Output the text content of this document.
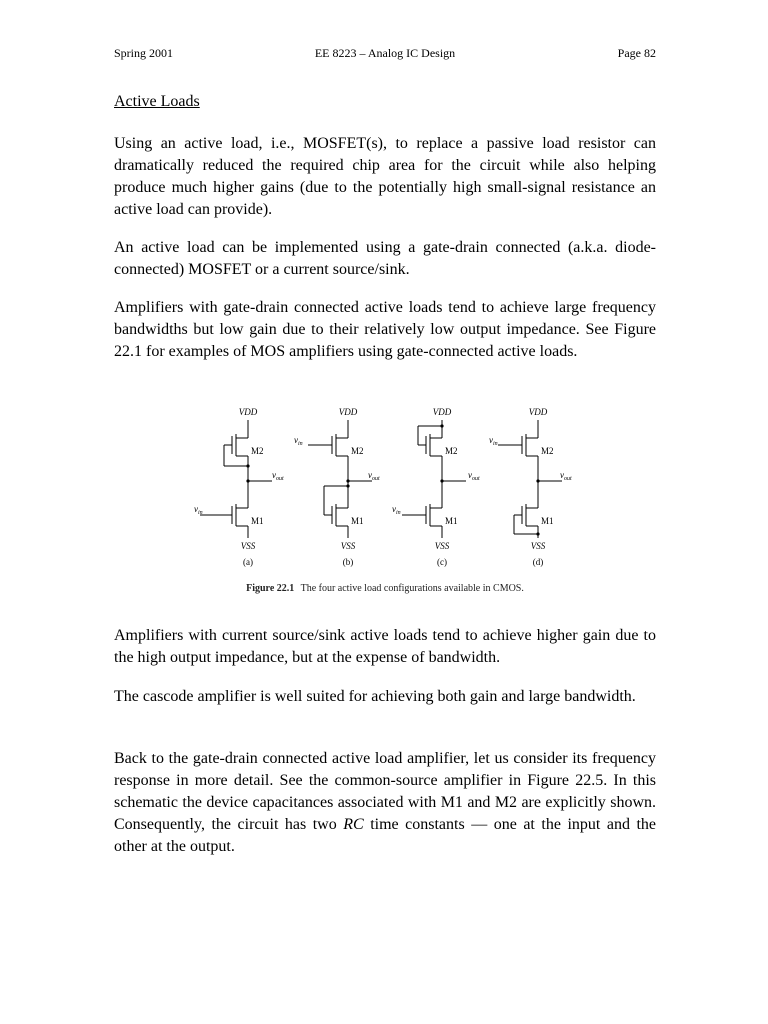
Spring 2001	EE 8223 – Analog IC Design	Page 82
Active Loads
Using an active load, i.e., MOSFET(s), to replace a passive load resistor can dramatically reduced the required chip area for the circuit while also helping produce much higher gains (due to the potentially high small-signal resistance an active load can provide).
An active load can be implemented using a gate-drain connected (a.k.a. diode-connected) MOSFET or a current source/sink.
Amplifiers with gate-drain connected active loads tend to achieve large frequency bandwidths but low gain due to their relatively low output impedance. See Figure 22.1 for examples of MOS amplifiers using gate-connected active loads.
VDD	VDD	VDD	VDD
VSS	VSS	VSS	VSS
M2
M1
M2
M1
M2
M1
M2
M1
$v_{in}$
$v_{in}$
$v_{in}$
$v_{in}$
$v_{out}$	$v_{out}$	$v_{out}$	$v_{out}$
(a)	(b)	(c)	(d)
Figure 22.1 The four active load configurations available in CMOS.
Amplifiers with current source/sink active loads tend to achieve higher gain due to the high output impedance, but at the expense of bandwidth.
The cascode amplifier is well suited for achieving both gain and large bandwidth.
Back to the gate-drain connected active load amplifier, let us consider its frequency response in more detail. See the common-source amplifier in Figure 22.5. In this schematic the device capacitances associated with M1 and M2 are explicitly shown. Consequently, the circuit has two RC time constants — one at the input and the other at the output.
